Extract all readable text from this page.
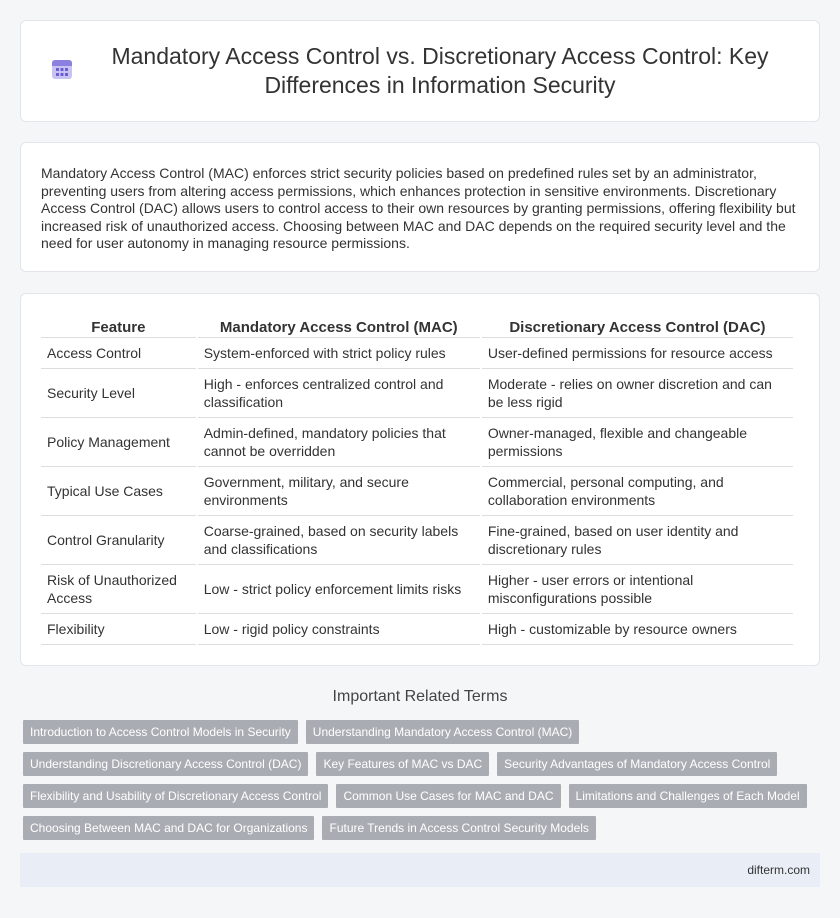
Mandatory Access Control vs. Discretionary Access Control: Key Differences in Information Security

Mandatory Access Control (MAC) enforces strict security policies based on predefined rules set by an administrator, preventing users from altering access permissions, which enhances protection in sensitive environments. Discretionary Access Control (DAC) allows users to control access to their own resources by granting permissions, offering flexibility but increased risk of unauthorized access. Choosing between MAC and DAC depends on the required security level and the need for user autonomy in managing resource permissions.

Feature	Mandatory Access Control (MAC)	Discretionary Access Control (DAC)
Access Control	System-enforced with strict policy rules	User-defined permissions for resource access
Security Level	High - enforces centralized control and classification	Moderate - relies on owner discretion and can be less rigid
Policy Management	Admin-defined, mandatory policies that cannot be overridden	Owner-managed, flexible and changeable permissions
Typical Use Cases	Government, military, and secure environments	Commercial, personal computing, and collaboration environments
Control Granularity	Coarse-grained, based on security labels and classifications	Fine-grained, based on user identity and discretionary rules
Risk of Unauthorized Access	Low - strict policy enforcement limits risks	Higher - user errors or intentional misconfigurations possible
Flexibility	Low - rigid policy constraints	High - customizable by resource owners
Important Related Terms
Introduction to Access Control Models in Security	Understanding Mandatory Access Control (MAC)
Understanding Discretionary Access Control (DAC)	Key Features of MAC vs DAC	Security Advantages of Mandatory Access Control
Flexibility and Usability of Discretionary Access Control	Common Use Cases for MAC and DAC	Limitations and Challenges of Each Model
Choosing Between MAC and DAC for Organizations	Future Trends in Access Control Security Models
difterm.com
